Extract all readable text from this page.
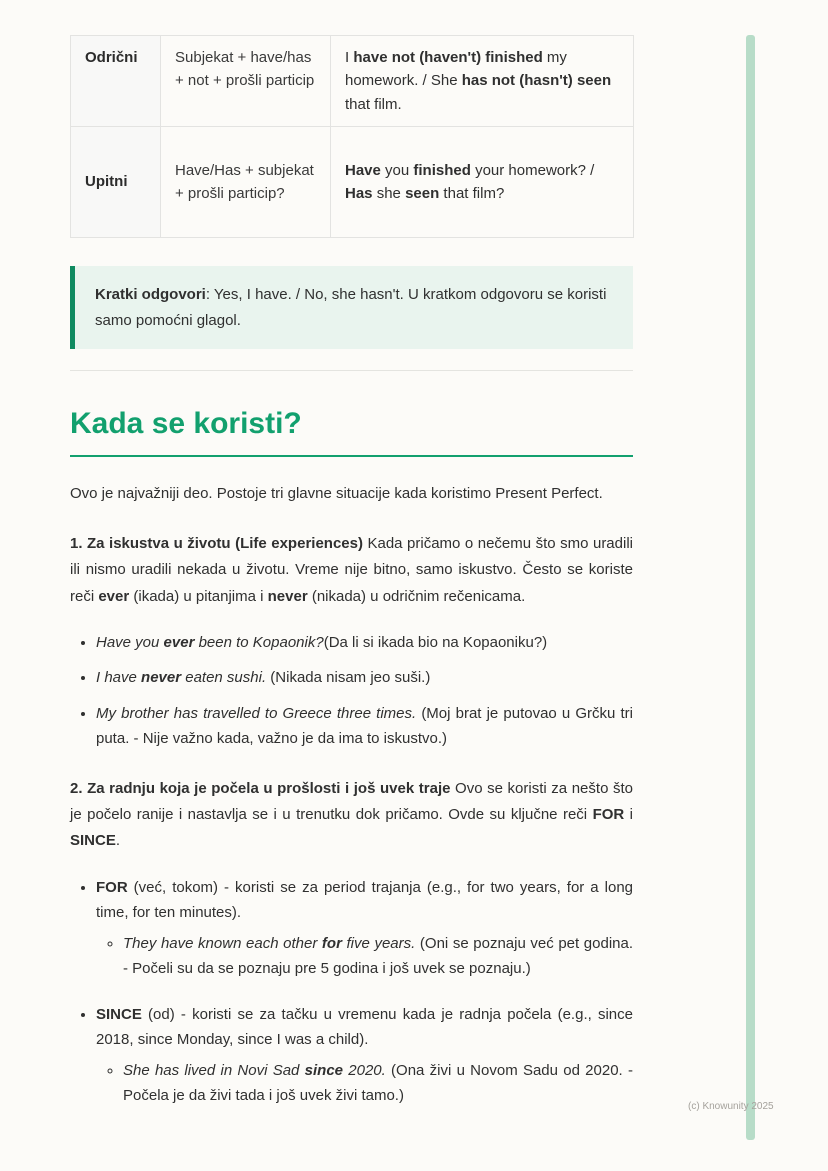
Odrični	Subjekat + have/has + not + prošli particip	I have not (haven't) finished my homework. / She has not (hasn't) seen that film.
Upitni	Have/Has + subjekat + prošli particip?	Have you finished your homework? / Has she seen that film?

Kratki odgovori: Yes, I have. / No, she hasn't. U kratkom odgovoru se koristi samo pomoćni glagol.

Kada se koristi?

Ovo je najvažniji deo. Postoje tri glavne situacije kada koristimo Present Perfect.

1. Za iskustva u životu (Life experiences) Kada pričamo o nečemu što smo uradili ili nismo uradili nekada u životu. Vreme nije bitno, samo iskustvo. Često se koriste reči ever (ikada) u pitanjima i never (nikada) u odričnim rečenicama.

• Have you ever been to Kopaonik?(Da li si ikada bio na Kopaoniku?)
• I have never eaten sushi. (Nikada nisam jeo suši.)
• My brother has travelled to Greece three times. (Moj brat je putovao u Grčku tri puta. - Nije važno kada, važno je da ima to iskustvo.)

2. Za radnju koja je počela u prošlosti i još uvek traje Ovo se koristi za nešto što je počelo ranije i nastavlja se i u trenutku dok pričamo. Ovde su ključne reči FOR i SINCE.

• FOR (već, tokom) - koristi se za period trajanja (e.g., for two years, for a long time, for ten minutes).
◦ They have known each other for five years. (Oni se poznaju već pet godina. - Počeli su da se poznaju pre 5 godina i još uvek se poznaju.)
• SINCE (od) - koristi se za tačku u vremenu kada je radnja počela (e.g., since 2018, since Monday, since I was a child).
◦ She has lived in Novi Sad since 2020. (Ona živi u Novom Sadu od 2020. - Počela je da živi tada i još uvek živi tamo.)
(c) Knowunity 2025
